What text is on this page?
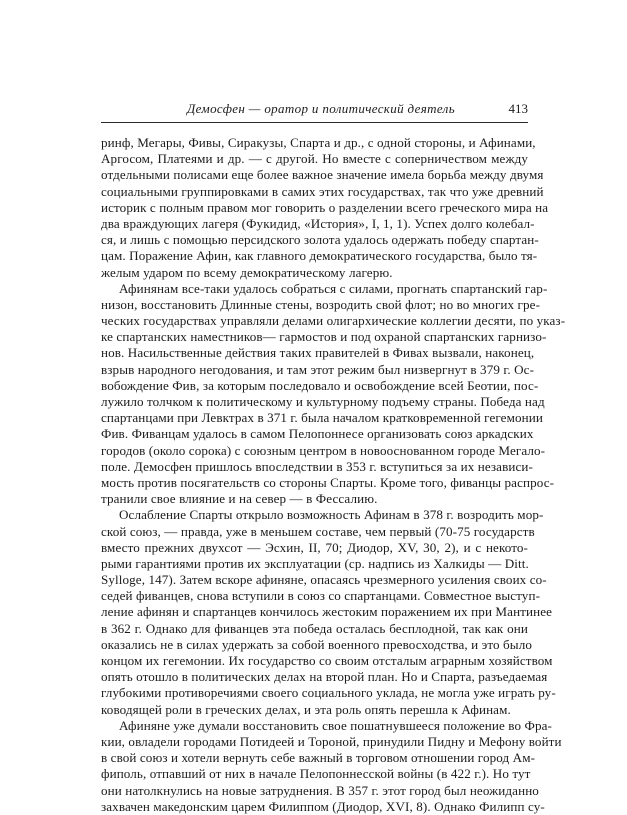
Демосфен — оратор и политический деятель	413
ринф, Мегары, Фивы, Сиракузы, Спарта и др., с одной стороны, и Афинами,
Аргосом, Платеями и др. — с другой. Но вместе с соперничеством между
отдельными полисами еще более важное значение имела борьба между двумя
социальными группировками в самих этих государствах, так что уже древний
историк с полным правом мог говорить о разделении всего греческого мира на
два враждующих лагеря (Фукидид, «История», I, 1, 1). Успех долго колебал-
ся, и лишь с помощью персидского золота удалось одержать победу спартан-
цам. Поражение Афин, как главного демократического государства, было тя-
желым ударом по всему демократическому лагерю.
Афинянам все-таки удалось собраться с силами, прогнать спартанский гар-
низон, восстановить Длинные стены, возродить свой флот; но во многих гре-
ческих государствах управляли делами олигархические коллегии десяти, по указ-
ке спартанских наместников— гармостов и под охраной спартанских гарнизо-
нов. Насильственные действия таких правителей в Фивах вызвали, наконец,
взрыв народного негодования, и там этот режим был низвергнут в 379 г. Ос-
вобождение Фив, за которым последовало и освобождение всей Беотии, пос-
лужило толчком к политическому и культурному подъему страны. Победа над
спартанцами при Левктрах в 371 г. была началом кратковременной гегемонии
Фив. Фиванцам удалось в самом Пелопоннесе организовать союз аркадских
городов (около сорока) с союзным центром в новооснованном городе Мегало-
поле. Демосфен пришлось впоследствии в 353 г. вступиться за их независи-
мость против посягательств со стороны Спарты. Кроме того, фиванцы распрос-
транили свое влияние и на север — в Фессалию.
Ослабление Спарты открыло возможность Афинам в 378 г. возродить мор-
ской союз, — правда, уже в меньшем составе, чем первый (70-75 государств
вместо прежних двухсот — Эсхин, II, 70; Диодор, XV, 30, 2), и с некото-
рыми гарантиями против их эксплуатации (ср. надпись из Халкиды — Ditt.
Sylloge, 147). Затем вскоре афиняне, опасаясь чрезмерного усиления своих со-
седей фиванцев, снова вступили в союз со спартанцами. Совместное выступ-
ление афинян и спартанцев кончилось жестоким поражением их при Мантинее
в 362 г. Однако для фиванцев эта победа осталась бесплодной, так как они
оказались не в силах удержать за собой военного превосходства, и это было
концом их гегемонии. Их государство со своим отсталым аграрным хозяйством
опять отошло в политических делах на второй план. Но и Спарта, разъедаемая
глубокими противоречиями своего социального уклада, не могла уже играть ру-
ководящей роли в греческих делах, и эта роль опять перешла к Афинам.
Афиняне уже думали восстановить свое пошатнувшееся положение во Фра-
кии, овладели городами Потидеей и Тороной, принудили Пидну и Мефону войти
в свой союз и хотели вернуть себе важный в торговом отношении город Ам-
фиполь, отпавший от них в начале Пелопоннесской войны (в 422 г.). Но тут
они натолкнулись на новые затруднения. В 357 г. этот город был неожиданно
захвачен македонским царем Филиппом (Диодор, XVI, 8). Однако Филипп су-
